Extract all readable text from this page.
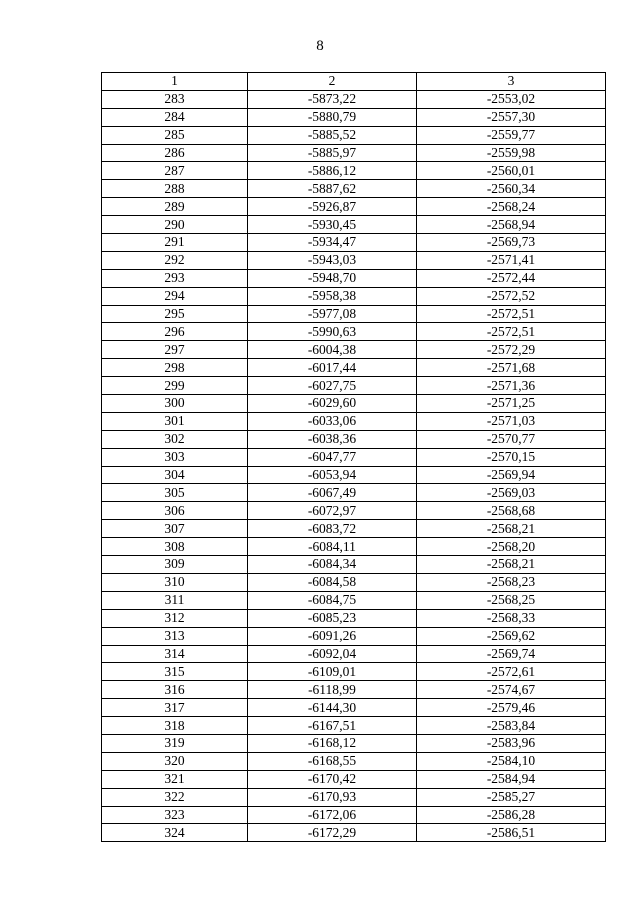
8
1	2	3
283	-5873,22	-2553,02
284	-5880,79	-2557,30
285	-5885,52	-2559,77
286	-5885,97	-2559,98
287	-5886,12	-2560,01
288	-5887,62	-2560,34
289	-5926,87	-2568,24
290	-5930,45	-2568,94
291	-5934,47	-2569,73
292	-5943,03	-2571,41
293	-5948,70	-2572,44
294	-5958,38	-2572,52
295	-5977,08	-2572,51
296	-5990,63	-2572,51
297	-6004,38	-2572,29
298	-6017,44	-2571,68
299	-6027,75	-2571,36
300	-6029,60	-2571,25
301	-6033,06	-2571,03
302	-6038,36	-2570,77
303	-6047,77	-2570,15
304	-6053,94	-2569,94
305	-6067,49	-2569,03
306	-6072,97	-2568,68
307	-6083,72	-2568,21
308	-6084,11	-2568,20
309	-6084,34	-2568,21
310	-6084,58	-2568,23
311	-6084,75	-2568,25
312	-6085,23	-2568,33
313	-6091,26	-2569,62
314	-6092,04	-2569,74
315	-6109,01	-2572,61
316	-6118,99	-2574,67
317	-6144,30	-2579,46
318	-6167,51	-2583,84
319	-6168,12	-2583,96
320	-6168,55	-2584,10
321	-6170,42	-2584,94
322	-6170,93	-2585,27
323	-6172,06	-2586,28
324	-6172,29	-2586,51
